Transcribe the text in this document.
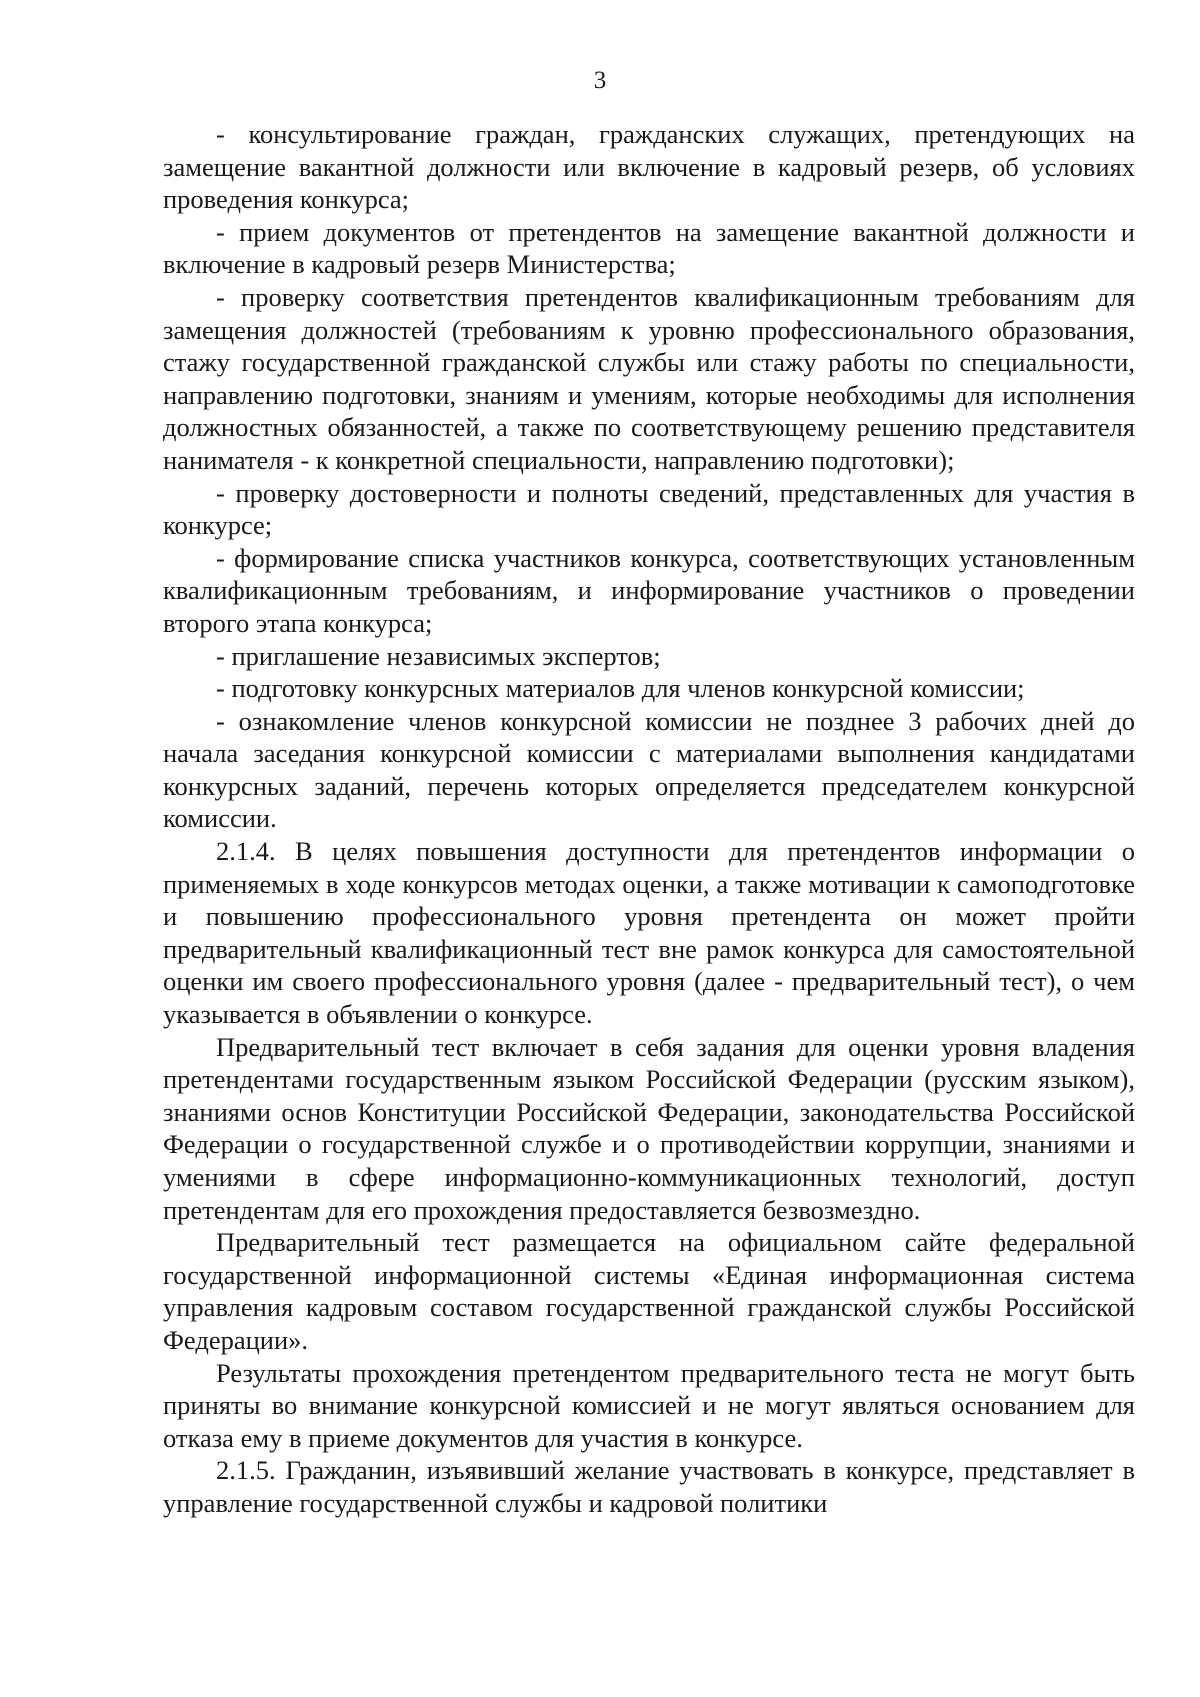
3

- консультирование граждан, гражданских служащих, претендующих на замещение вакантной должности или включение в кадровый резерв, об условиях проведения конкурса;

- прием документов от претендентов на замещение вакантной должности и включение в кадровый резерв Министерства;

- проверку соответствия претендентов квалификационным требованиям для замещения должностей (требованиям к уровню профессионального образования, стажу государственной гражданской службы или стажу работы по специальности, направлению подготовки, знаниям и умениям, которые необходимы для исполнения должностных обязанностей, а также по соответствующему решению представителя нанимателя - к конкретной специальности, направлению подготовки);

- проверку достоверности и полноты сведений, представленных для участия в конкурсе;

- формирование списка участников конкурса, соответствующих установленным квалификационным требованиям, и информирование участников о проведении второго этапа конкурса;

- приглашение независимых экспертов;

- подготовку конкурсных материалов для членов конкурсной комиссии;

- ознакомление членов конкурсной комиссии не позднее 3 рабочих дней до начала заседания конкурсной комиссии с материалами выполнения кандидатами конкурсных заданий, перечень которых определяется председателем конкурсной комиссии.

2.1.4. В целях повышения доступности для претендентов информации о применяемых в ходе конкурсов методах оценки, а также мотивации к самоподготовке и повышению профессионального уровня претендента он может пройти предварительный квалификационный тест вне рамок конкурса для самостоятельной оценки им своего профессионального уровня (далее - предварительный тест), о чем указывается в объявлении о конкурсе.

Предварительный тест включает в себя задания для оценки уровня владения претендентами государственным языком Российской Федерации (русским языком), знаниями основ Конституции Российской Федерации, законодательства Российской Федерации о государственной службе и о противодействии коррупции, знаниями и умениями в сфере информационно-коммуникационных технологий, доступ претендентам для его прохождения предоставляется безвозмездно.

Предварительный тест размещается на официальном сайте федеральной государственной информационной системы «Единая информационная система управления кадровым составом государственной гражданской службы Российской Федерации».

Результаты прохождения претендентом предварительного теста не могут быть приняты во внимание конкурсной комиссией и не могут являться основанием для отказа ему в приеме документов для участия в конкурсе.

2.1.5. Гражданин, изъявивший желание участвовать в конкурсе, представляет в управление государственной службы и кадровой политики
